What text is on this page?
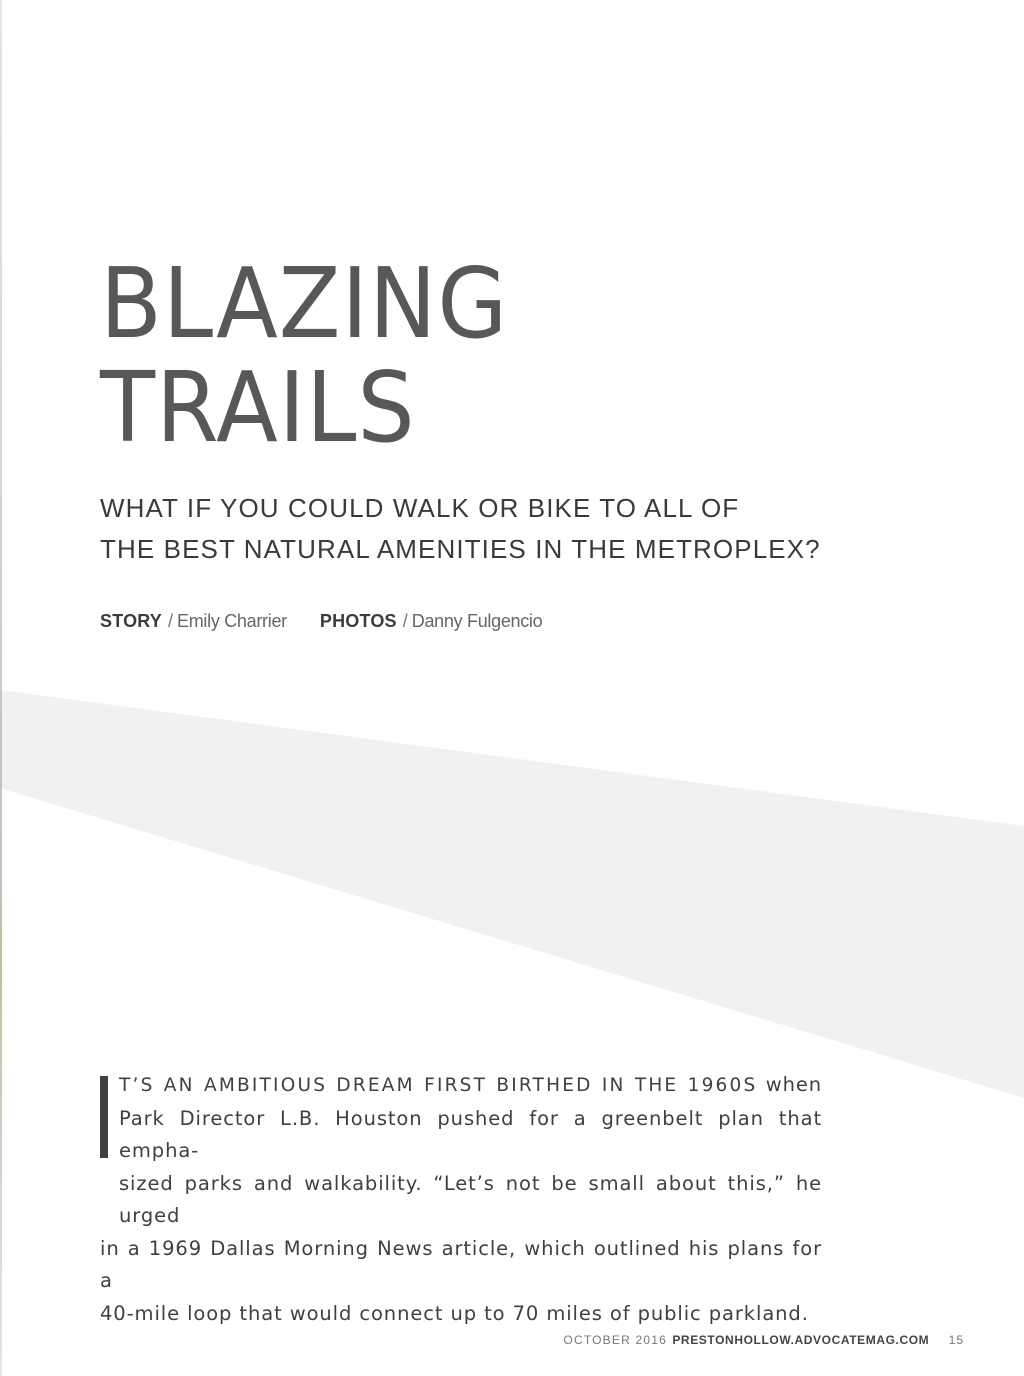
BLAZING
TRAILS
WHAT IF YOU COULD WALK OR BIKE TO ALL OF
THE BEST NATURAL AMENITIES IN THE METROPLEX?
STORY / Emily Charrier PHOTOS / Danny Fulgencio
T’S AN AMBITIOUS DREAM FIRST BIRTHED IN THE 1960S when
Park Director L.B. Houston pushed for a greenbelt plan that empha-
sized parks and walkability. “Let’s not be small about this,” he urged
in a 1969 Dallas Morning News article, which outlined his plans for a
40-mile loop that would connect up to 70 miles of public parkland.
OCTOBER 2016 PRESTONHOLLOW.ADVOCATEMAG.COM 15
